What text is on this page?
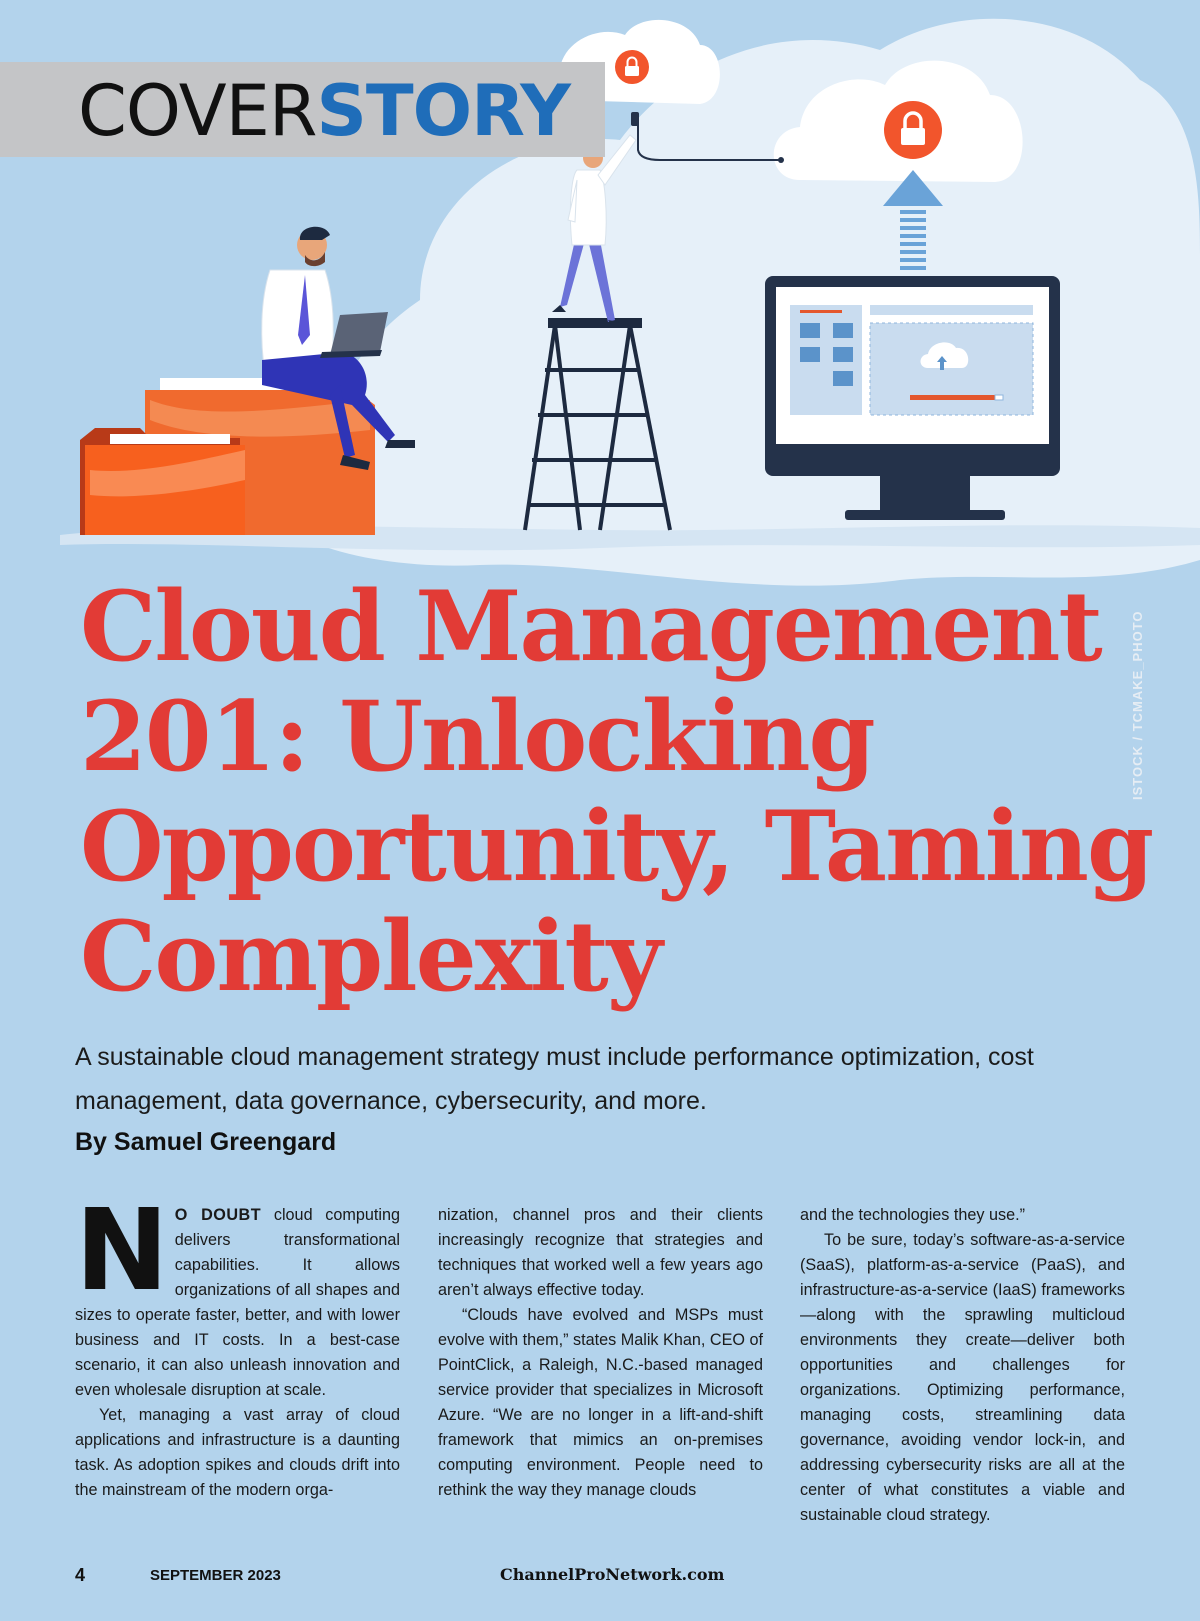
COVERSTORY
ISTOCK / TCMAKE_PHOTO
Cloud Management
201: Unlocking
Opportunity, Taming
Complexity
A sustainable cloud management strategy must include performance optimization, cost management, data governance, cybersecurity, and more.
By Samuel Greengard

N O DOUBT cloud computing delivers transformational capabilities. It allows organizations of all shapes and sizes to operate faster, better, and with lower business and IT costs. In a best-case scenario, it can also unleash innovation and even wholesale disruption at scale.

Yet, managing a vast array of cloud applications and infrastructure is a daunting task. As adoption spikes and clouds drift into the mainstream of the modern orga-

nization, channel pros and their clients increasingly recognize that strategies and techniques that worked well a few years ago aren’t always effective today.

“Clouds have evolved and MSPs must evolve with them,” states Malik Khan, CEO of PointClick, a Raleigh, N.C.-based managed service provider that specializes in Microsoft Azure. “We are no longer in a lift-and-shift framework that mimics an on-premises computing environment. People need to rethink the way they manage clouds

and the technologies they use.”

To be sure, today’s software-as-a-service (SaaS), platform-as-a-service (PaaS), and infrastructure-as-a-service (IaaS) frameworks—along with the sprawling multicloud environments they create—deliver both opportunities and challenges for organizations. Optimizing performance, managing costs, streamlining data governance, avoiding vendor lock-in, and addressing cybersecurity risks are all at the center of what constitutes a viable and sustainable cloud strategy.

4	SEPTEMBER 2023	ChannelProNetwork.com
